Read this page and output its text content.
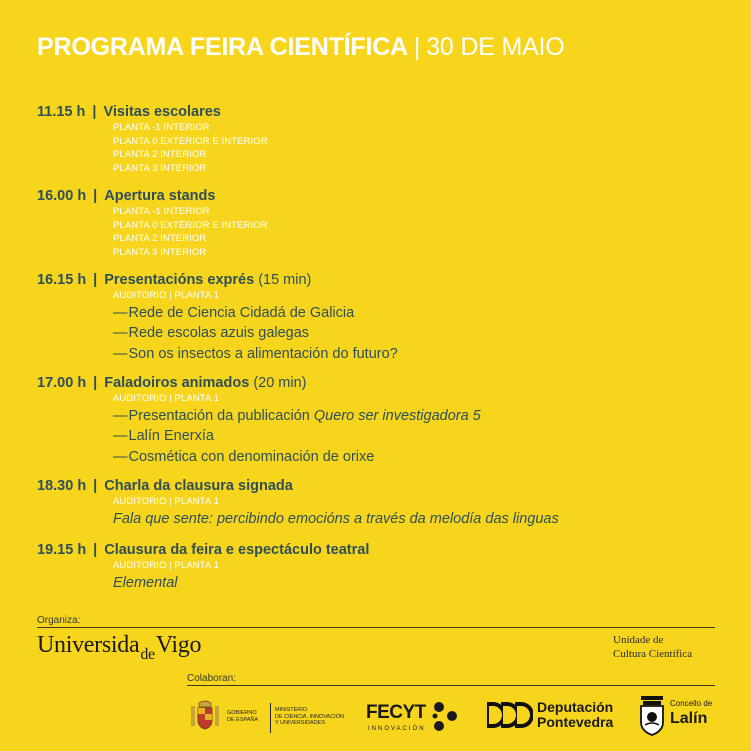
PROGRAMA FEIRA CIENTÍFICA | 30 DE MAIO
11.15 h | Visitas escolares
PLANTA -1 INTERIOR
PLANTA 0 EXTERIOR E INTERIOR
PLANTA 2 INTERIOR
PLANTA 3 INTERIOR
16.00 h | Apertura stands
PLANTA -1 INTERIOR
PLANTA 0 EXTERIOR E INTERIOR
PLANTA 2 INTERIOR
PLANTA 3 INTERIOR
16.15 h | Presentacións exprés (15 min)
AUDITORIO | PLANTA 1
—Rede de Ciencia Cidadá de Galicia
—Rede escolas azuis galegas
—Son os insectos a alimentación do futuro?
17.00 h | Faladoiros animados (20 min)
AUDITORIO | PLANTA 1
—Presentación da publicación Quero ser investigadora 5
—Lalín Enerxía
—Cosmética con denominación de orixe
18.30 h | Charla da clausura signada
AUDITORIO | PLANTA 1
Fala que sente: percibindo emocións a través da melodía das linguas
19.15 h | Clausura da feira e espectáculo teatral
AUDITORIO | PLANTA 1
Elemental
Organiza:
Universida$_{de}$Vigo	Unidade de
Cultura Científica
Colaboran:
GOBIERNO
DE ESPAÑA
MINISTERIO
DE CIENCIA, INNOVACIÓN
Y UNIVERSIDADES	FECYT
INNOVACIÓN
Deputación
Pontevedra
Concello de
Lalín
